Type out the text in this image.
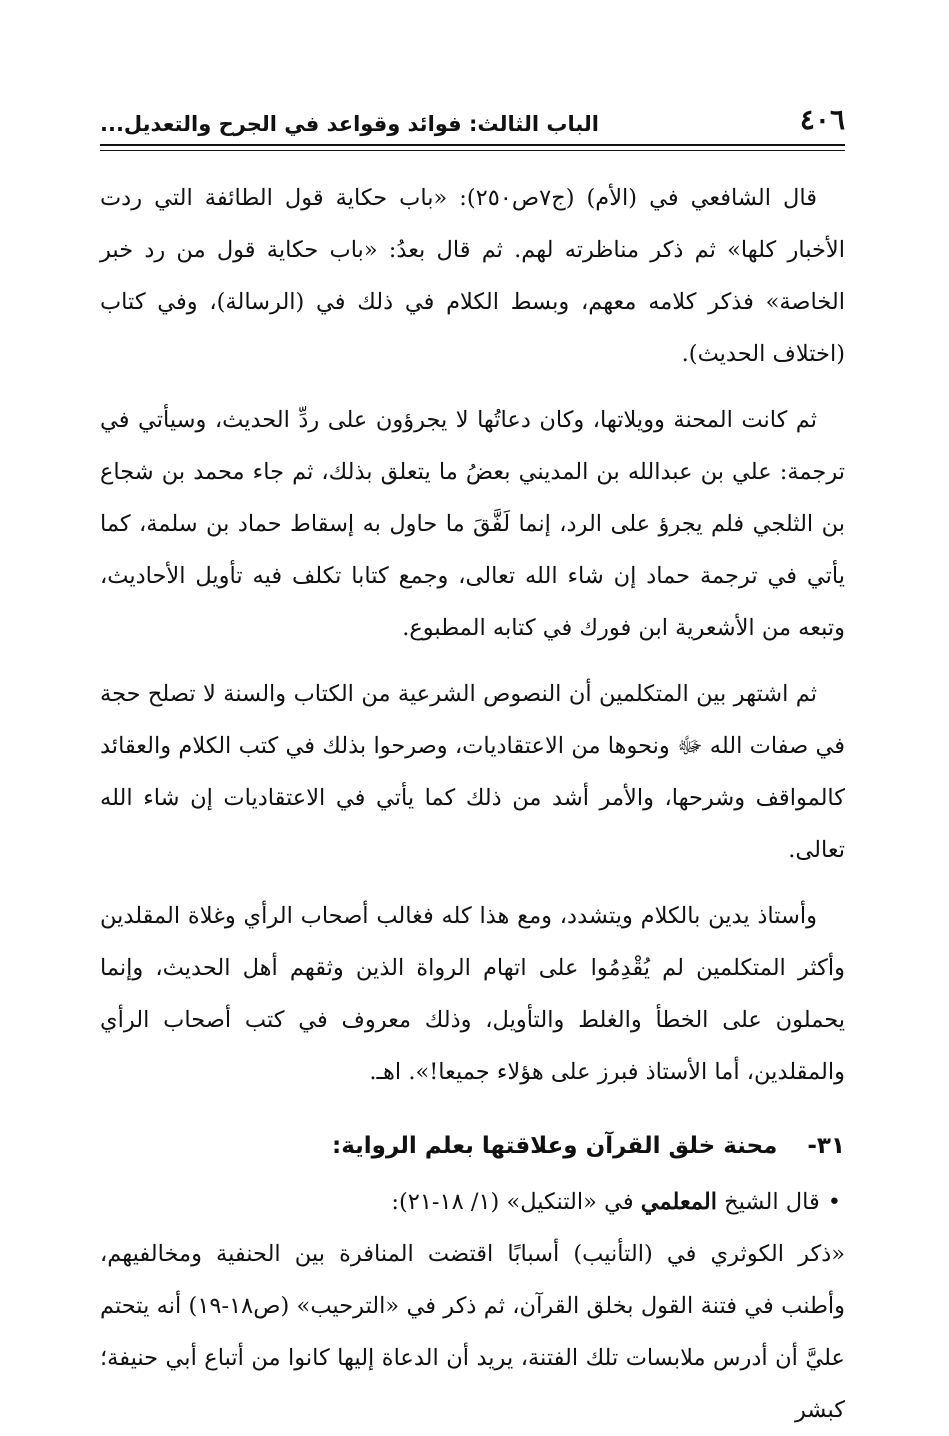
٤٠٦
الباب الثالث: فوائد وقواعد في الجرح والتعديل...

قال الشافعي في (الأم) (ج٧ص٢٥٠): «باب حكاية قول الطائفة التي ردت الأخبار كلها» ثم ذكر مناظرته لهم. ثم قال بعدُ: «باب حكاية قول من رد خبر الخاصة» فذكر كلامه معهم، وبسط الكلام في ذلك في (الرسالة)، وفي كتاب (اختلاف الحديث).

ثم كانت المحنة وويلاتها، وكان دعاتُها لا يجرؤون على ردِّ الحديث، وسيأتي في ترجمة: علي بن عبدالله بن المديني بعضُ ما يتعلق بذلك، ثم جاء محمد بن شجاع بن الثلجي فلم يجرؤ على الرد، إنما لَفَّقَ ما حاول به إسقاط حماد بن سلمة، كما يأتي في ترجمة حماد إن شاء الله تعالى، وجمع كتابا تكلف فيه تأويل الأحاديث، وتبعه من الأشعرية ابن فورك في كتابه المطبوع.

ثم اشتهر بين المتكلمين أن النصوص الشرعية من الكتاب والسنة لا تصلح حجة في صفات الله ﷻ ونحوها من الاعتقاديات، وصرحوا بذلك في كتب الكلام والعقائد كالمواقف وشرحها، والأمر أشد من ذلك كما يأتي في الاعتقاديات إن شاء الله تعالى.

وأستاذ يدين بالكلام ويتشدد، ومع هذا كله فغالب أصحاب الرأي وغلاة المقلدين وأكثر المتكلمين لم يُقْدِمُوا على اتهام الرواة الذين وثقهم أهل الحديث، وإنما يحملون على الخطأ والغلط والتأويل، وذلك معروف في كتب أصحاب الرأي والمقلدين، أما الأستاذ فبرز على هؤلاء جميعا!». اهـ.

٣١-محنة خلق القرآن وعلاقتها بعلم الرواية:

•قال الشيخ المعلمي في «التنكيل» (١/ ١٨-٢١):

«ذكر الكوثري في (التأنيب) أسبابًا اقتضت المنافرة بين الحنفية ومخالفيهم، وأطنب في فتنة القول بخلق القرآن، ثم ذكر في «الترحيب» (ص١٨-١٩) أنه يتحتم عليَّ أن أدرس ملابسات تلك الفتنة، يريد أن الدعاة إليها كانوا من أتباع أبي حنيفة؛ كبشر
